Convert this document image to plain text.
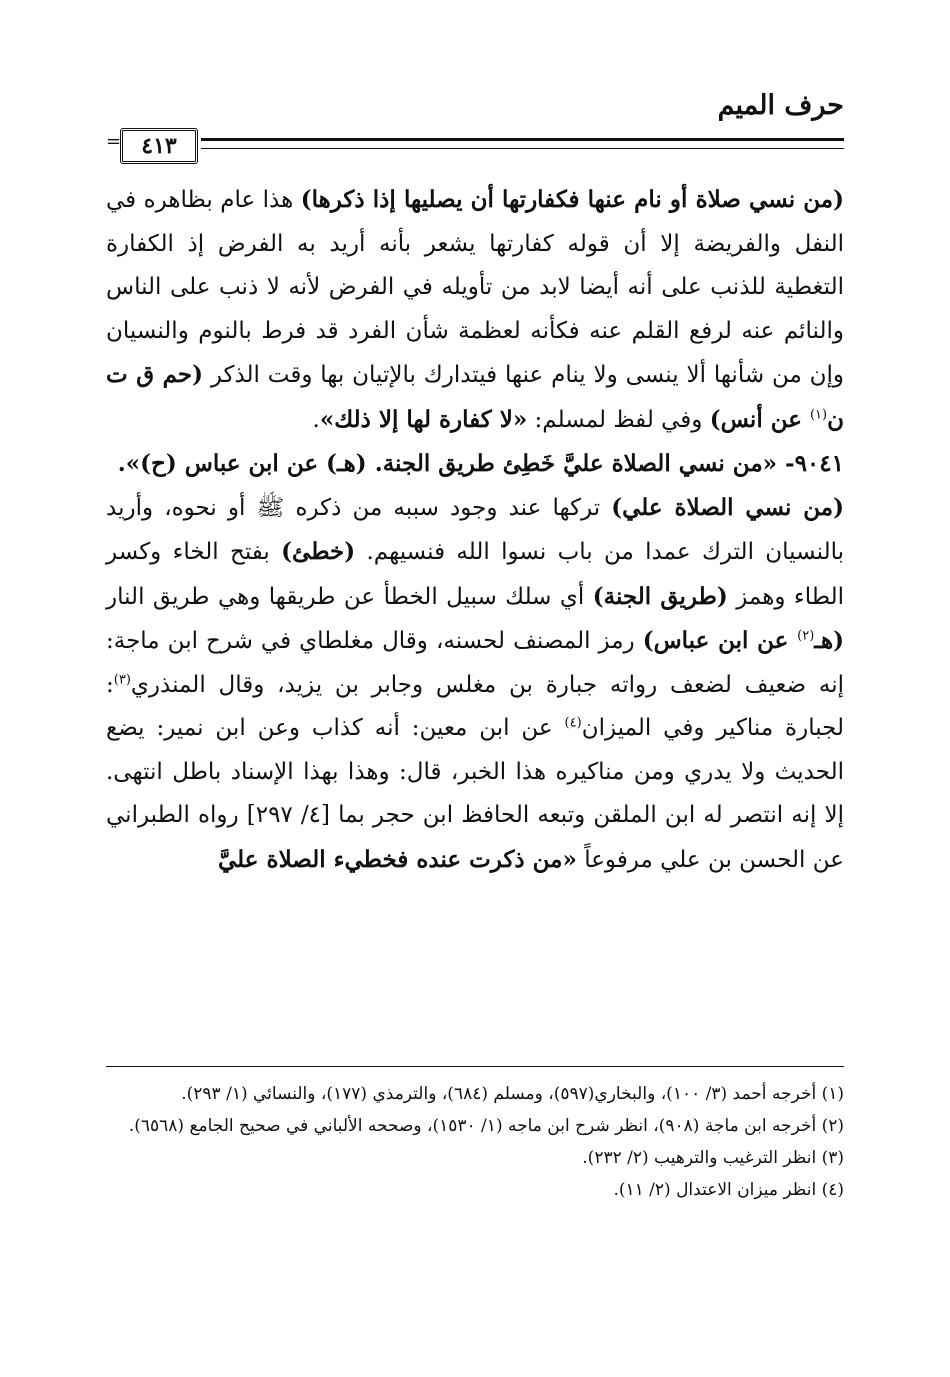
حرف الميم
٤١٣
=

(من نسي صلاة أو نام عنها فكفارتها أن يصليها إذا ذكرها) هذا عام بظاهره في النفل والفريضة إلا أن قوله كفارتها يشعر بأنه أريد به الفرض إذ الكفارة التغطية للذنب على أنه أيضا لابد من تأويله في الفرض لأنه لا ذنب على الناس والنائم عنه لرفع القلم عنه فكأنه لعظمة شأن الفرد قد فرط بالنوم والنسيان وإن من شأنها ألا ينسى ولا ينام عنها فيتدارك بالإتيان بها وقت الذكر (حم ق ت ن$^{(١)}$ عن أنس) وفي لفظ لمسلم: «لا كفارة لها إلا ذلك».

٩٠٤١- «من نسي الصلاة عليَّ خَطِئ طريق الجنة. (هـ) عن ابن عباس (ح)».

(من نسي الصلاة علي) تركها عند وجود سببه من ذكره ﷺ أو نحوه، وأريد بالنسيان الترك عمدا من باب نسوا الله فنسيهم. (خطئ) بفتح الخاء وكسر الطاء وهمز (طريق الجنة) أي سلك سبيل الخطأ عن طريقها وهي طريق النار (هـ$^{(٢)}$ عن ابن عباس) رمز المصنف لحسنه، وقال مغلطاي في شرح ابن ماجة: إنه ضعيف لضعف رواته جبارة بن مغلس وجابر بن يزيد، وقال المنذري$^{(٣)}$: لجبارة مناكير وفي الميزان$^{(٤)}$ عن ابن معين: أنه كذاب وعن ابن نمير: يضع الحديث ولا يدري ومن مناكيره هذا الخبر، قال: وهذا بهذا الإسناد باطل انتهى. إلا إنه انتصر له ابن الملقن وتبعه الحافظ ابن حجر بما [٤/ ٢٩٧] رواه الطبراني عن الحسن بن علي مرفوعاً «من ذكرت عنده فخطيء الصلاة عليَّ

(١) أخرجه أحمد (٣/ ١٠٠)، والبخاري(٥٩٧)، ومسلم (٦٨٤)، والترمذي (١٧٧)، والنسائي (١/ ٢٩٣).

(٢) أخرجه ابن ماجة (٩٠٨)، انظر شرح ابن ماجه (١/ ١٥٣٠)، وصححه الألباني في صحيح الجامع (٦٥٦٨).

(٣) انظر الترغيب والترهيب (٢/ ٢٣٢).

(٤) انظر ميزان الاعتدال (٢/ ١١).
